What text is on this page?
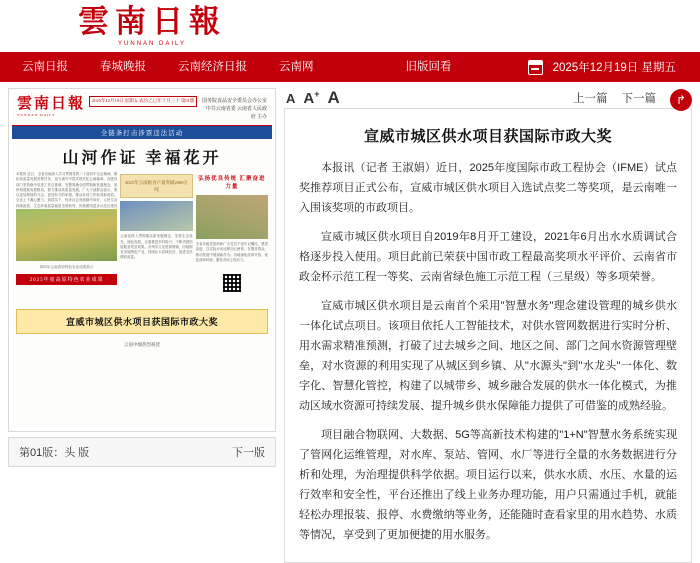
雲南日報
YUNNAN DAILY
云南日报	春城晚报	云南经济日报	云南网	旧版回看	2025年12月19日 星期五
雲南日報
YUNNAN DAILY
2025年12月19日 星期五 农历乙巳年十月三十 第01版	国务院食品安全委员会办公室 中共云南省委 云南省人民政府 主办
全链条打击涉票违法活动
山河作证 幸福花开
本报讯 近日，全省各地深入学习贯彻党的二十届四中全会精神，紧扣高质量发展首要任务，奋力谱写中国式现代化云南篇章。各级各部门坚持稳中求进工作总基调，完整准确全面贯彻新发展理念，加快构建新发展格局，着力推动高质量发展。广大干部群众表示，要以更加昂扬的斗志、更加有力的举措，推动各项工作取得新成效。全省上下凝心聚力、真抓实干，经济社会发展稳中向好，人民生活持续改善，生态环境质量稳居全国前列，民族团结进步示范区建设
2025年云南高原特色农业成果展示
2025年度高原特色农业成果
2025年云南粮食产量突破2000万吨
云南省深入贯彻落实新发展理念，坚持生态优先、绿色发展，全面推进乡村振兴，不断巩固拓展脱贫攻坚成果。各州市立足资源禀赋，因地制宜发展特色产业，持续壮大县域经济，促进农民增收致富。
弘扬优良传统 汇聚奋进力量
全省各级党组织和广大党员干部牢记嘱托、感恩奋进，以实际行动诠释初心使命，在服务群众、推动发展中展现新作为。各地深化改革开放，优化营商环境，激发市场主体活力。
宣威市城区供水项目获国际市政大奖
云南中烟热烈祝贺
第01版：头 版	下一版
A A+ A	上一篇 下一篇	↱
宣威市城区供水项目获国际市政大奖

本报讯（记者 王淑娟）近日，2025年度国际市政工程协会（IFME）试点奖推荐项目正式公布，宣威市城区供水项目入选试点奖二等奖项，是云南唯一入围该奖项的市政项目。

宣威市城区供水项目自2019年8月开工建设，2021年6月出水水质调试合格逐步投入使用。项目此前已荣获中国市政工程最高奖项水平评价、云南省市政金杯示范工程一等奖、云南省绿色施工示范工程（三星级）等多项荣誉。

宣威市城区供水项目是云南首个采用"智慧水务"理念建设管理的城乡供水一体化试点项目。该项目依托人工智能技术，对供水管网数据进行实时分析、用水需求精准预测，打破了过去城乡之间、地区之间、部门之间水资源管理壁垒，对水资源的利用实现了从城区到乡镇、从"水源头"到"水龙头"一体化、数字化、智慧化管控，构建了以城带乡、城乡融合发展的供水一体化模式，为推动区域水资源可持续发展、提升城乡供水保障能力提供了可借鉴的成熟经验。

项目融合物联网、大数据、5G等高新技术构建的"1+N"智慧水务系统实现了管网化运维管理，对水库、泵站、管网、水厂等进行全量的水务数据进行分析和处理，为治理提供科学依据。项目运行以来，供水水质、水压、水量的运行效率和安全性，平台还推出了线上业务办理功能，用户只需通过手机，就能轻松办理报装、报停、水费缴纳等业务，还能随时查看家里的用水趋势、水质等情况，享受到了更加便捷的用水服务。
